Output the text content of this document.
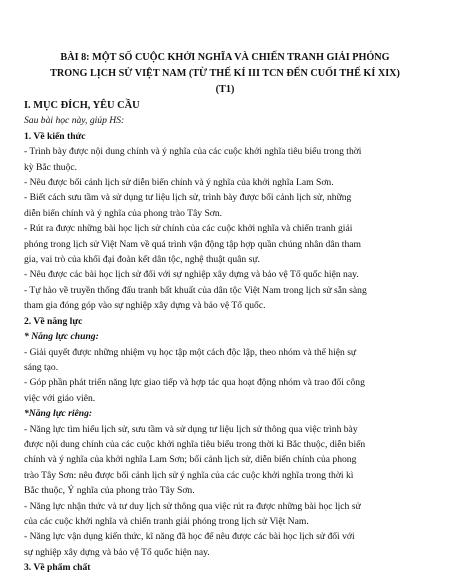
BÀI 8: MỘT SỐ CUỘC KHỞI NGHĨA VÀ CHIẾN TRANH GIẢI PHÓNG
TRONG LỊCH SỬ VIỆT NAM (TỪ THẾ KÍ III TCN ĐẾN CUỐI THẾ KÍ XIX)
(T1)
I. MỤC ĐÍCH, YÊU CẦU
Sau bài học này, giúp HS:
1. Về kiến thức
- Trình bày được nội dung chính và ý nghĩa của các cuộc khởi nghĩa tiêu biểu trong thời
kỳ Bắc thuộc.
- Nêu được bối cảnh lịch sử diễn biến chính và ý nghĩa của khởi nghĩa Lam Sơn.
- Biết cách sưu tầm và sử dụng tư liệu lịch sử, trình bày được bối cảnh lịch sử, những
diễn biến chính và ý nghĩa của phong trào Tây Sơn.
- Rút ra được những bài học lịch sử chính của các cuộc khởi nghĩa và chiến tranh giải
phóng trong lịch sử Việt Nam về quá trình vận động tập hợp quần chúng nhân dân tham
gia, vai trò của khối đại đoàn kết dân tộc, nghệ thuật quân sự.
- Nêu được các bài học lịch sử đối với sự nghiệp xây dựng và bảo vệ Tổ quốc hiện nay.
- Tự hào về truyền thống đấu tranh bất khuất của dân tộc Việt Nam trong lịch sử sẵn sàng
tham gia đóng góp vào sự nghiệp xây dựng và bảo vệ Tổ quốc.
2. Về năng lực
* Năng lực chung:
- Giải quyết được những nhiệm vụ học tập một cách độc lập, theo nhóm và thể hiện sự
sáng tạo.
- Góp phần phát triển năng lực giao tiếp và hợp tác qua hoạt động nhóm và trao đổi công
việc với giáo viên.
*Năng lực riêng:
- Năng lực tìm hiểu lịch sử, sưu tầm và sử dụng tư liệu lịch sử thông qua việc trình bày
được nội dung chính của các cuộc khởi nghĩa tiêu biểu trong thời kì Bắc thuộc, diễn biến
chính và ý nghĩa của khởi nghĩa Lam Sơn; bối cảnh lịch sử, diễn biến chính của phong
trào Tây Sơn: nêu được bối cảnh lịch sử ý nghĩa của các cuộc khởi nghĩa trong thời kì
Bắc thuộc, Ý nghĩa của phong trào Tây Sơn.
- Năng lực nhận thức và tư duy lịch sử thông qua việc rút ra được những bài học lịch sử
của các cuộc khởi nghĩa và chiến tranh giải phóng trong lịch sử Việt Nam.
- Năng lực vận dụng kiến thức, kĩ năng đã học để nêu được các bài học lịch sử đối với
sự nghiệp xây dựng và bảo vệ Tổ quốc hiện nay.
3. Về phẩm chất
